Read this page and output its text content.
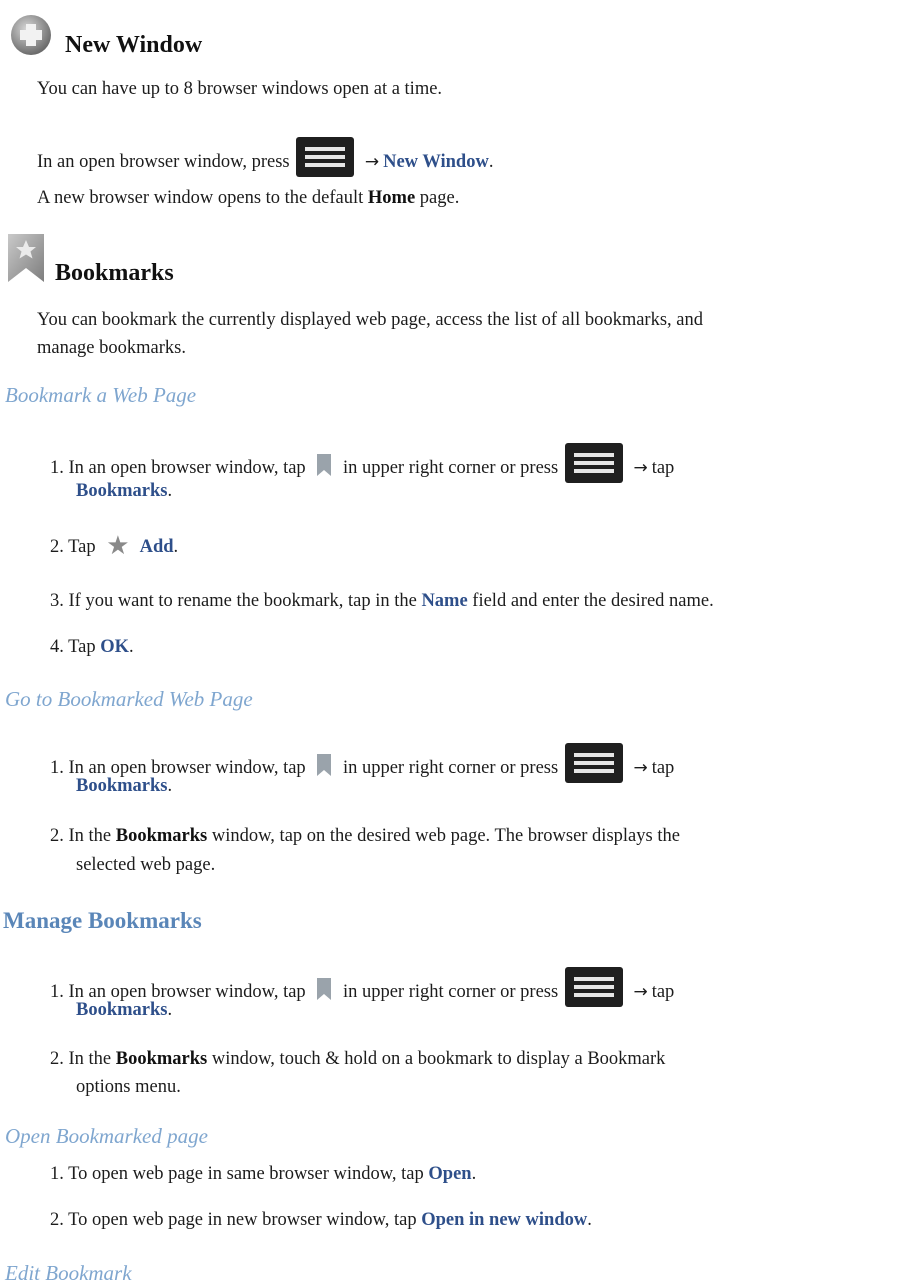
New Window
You can have up to 8 browser windows open at a time.
In an open browser window, press	→ New Window.
A new browser window opens to the default Home page.
Bookmarks
You can bookmark the currently displayed web page, access the list of all bookmarks, and
manage bookmarks.
Bookmark a Web Page
1. In an open browser window, tap in upper right corner or press	→ tap
Bookmarks.
2. Tap ★ Add.
3. If you want to rename the bookmark, tap in the Name field and enter the desired name.
4. Tap OK.
Go to Bookmarked Web Page
1. In an open browser window, tap in upper right corner or press	→ tap
Bookmarks.
2. In the Bookmarks window, tap on the desired web page. The browser displays the
selected web page.
Manage Bookmarks
1. In an open browser window, tap in upper right corner or press	→ tap
Bookmarks.
2. In the Bookmarks window, touch & hold on a bookmark to display a Bookmark
options menu.
Open Bookmarked page
1. To open web page in same browser window, tap Open.
2. To open web page in new browser window, tap Open in new window.
Edit Bookmark
